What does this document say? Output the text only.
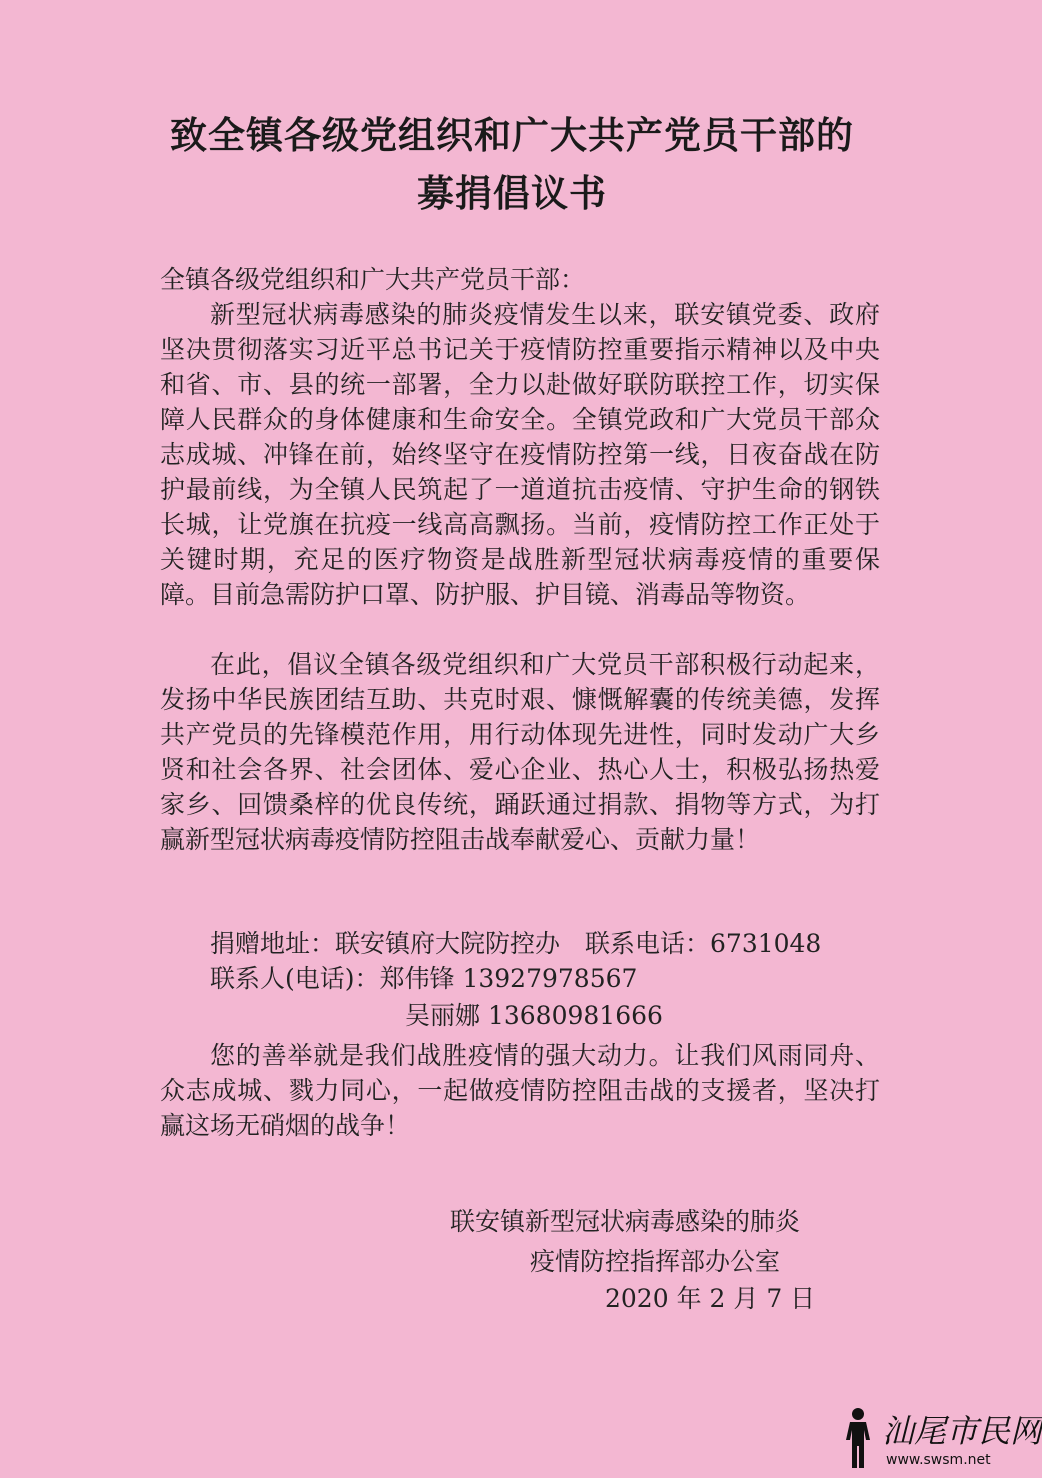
致全镇各级党组织和广大共产党员干部的
募捐倡议书

全镇各级党组织和广大共产党员干部：

新型冠状病毒感染的肺炎疫情发生以来，联安镇党委、政府坚决贯彻落实习近平总书记关于疫情防控重要指示精神以及中央和省、市、县的统一部署，全力以赴做好联防联控工作，切实保障人民群众的身体健康和生命安全。全镇党政和广大党员干部众志成城、冲锋在前，始终坚守在疫情防控第一线，日夜奋战在防护最前线，为全镇人民筑起了一道道抗击疫情、守护生命的钢铁长城，让党旗在抗疫一线高高飘扬。当前，疫情防控工作正处于关键时期，充足的医疗物资是战胜新型冠状病毒疫情的重要保障。目前急需防护口罩、防护服、护目镜、消毒品等物资。

在此，倡议全镇各级党组织和广大党员干部积极行动起来，发扬中华民族团结互助、共克时艰、慷慨解囊的传统美德，发挥共产党员的先锋模范作用，用行动体现先进性，同时发动广大乡贤和社会各界、社会团体、爱心企业、热心人士，积极弘扬热爱家乡、回馈桑梓的优良传统，踊跃通过捐款、捐物等方式，为打赢新型冠状病毒疫情防控阻击战奉献爱心、贡献力量！

捐赠地址：联安镇府大院防控办　联系电话：6731048
联系人(电话)：郑伟锋 13927978567
吴丽娜 13680981666

您的善举就是我们战胜疫情的强大动力。让我们风雨同舟、众志成城、戮力同心，一起做疫情防控阻击战的支援者，坚决打赢这场无硝烟的战争！

联安镇新型冠状病毒感染的肺炎
疫情防控指挥部办公室
2020 年 2 月 7 日
汕尾市民网
www.swsm.net
